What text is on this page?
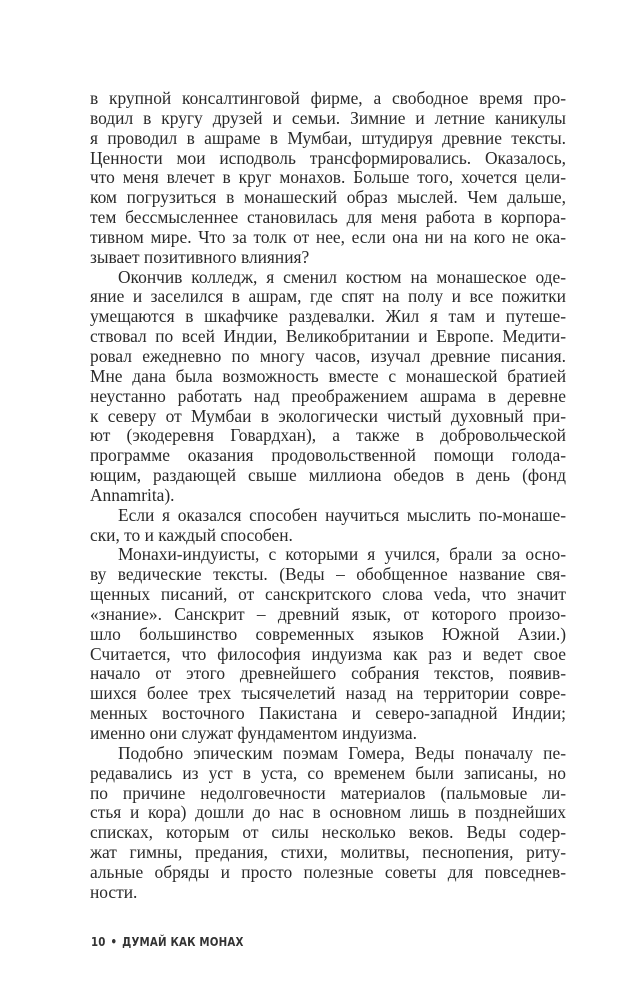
в крупной консалтинговой фирме, а свободное время про-
водил в кругу друзей и семьи. Зимние и летние каникулы
я проводил в ашраме в Мумбаи, штудируя древние тексты.
Ценности мои исподволь трансформировались. Оказалось,
что меня влечет в круг монахов. Больше того, хочется цели-
ком погрузиться в монашеский образ мыслей. Чем дальше,
тем бессмысленнее становилась для меня работа в корпора-
тивном мире. Что за толк от нее, если она ни на кого не ока-
зывает позитивного влияния?
Окончив колледж, я сменил костюм на монашеское оде-
яние и заселился в ашрам, где спят на полу и все пожитки
умещаются в шкафчике раздевалки. Жил я там и путеше-
ствовал по всей Индии, Великобритании и Европе. Медити-
ровал ежедневно по многу часов, изучал древние писания.
Мне дана была возможность вместе с монашеской братией
неустанно работать над преображением ашрама в деревне
к северу от Мумбаи в экологически чистый духовный при-
ют (экодеревня Говардхан), а также в добровольческой
программе оказания продовольственной помощи голода-
ющим, раздающей свыше миллиона обедов в день (фонд
Annamrita).
Если я оказался способен научиться мыслить по-монаше-
ски, то и каждый способен.
Монахи-индуисты, с которыми я учился, брали за осно-
ву ведические тексты. (Веды – обобщенное название свя-
щенных писаний, от санскритского слова veda, что значит
«знание». Санскрит – древний язык, от которого произо-
шло большинство современных языков Южной Азии.)
Считается, что философия индуизма как раз и ведет свое
начало от этого древнейшего собрания текстов, появив-
шихся более трех тысячелетий назад на территории совре-
менных восточного Пакистана и северо-западной Индии;
именно они служат фундаментом индуизма.
Подобно эпическим поэмам Гомера, Веды поначалу пе-
редавались из уст в уста, со временем были записаны, но
по причине недолговечности материалов (пальмовые ли-
стья и кора) дошли до нас в основном лишь в позднейших
списках, которым от силы несколько веков. Веды содер-
жат гимны, предания, стихи, молитвы, песнопения, риту-
альные обряды и просто полезные советы для повседнев-
ности.
10 • ДУМАЙ КАК МОНАХ
